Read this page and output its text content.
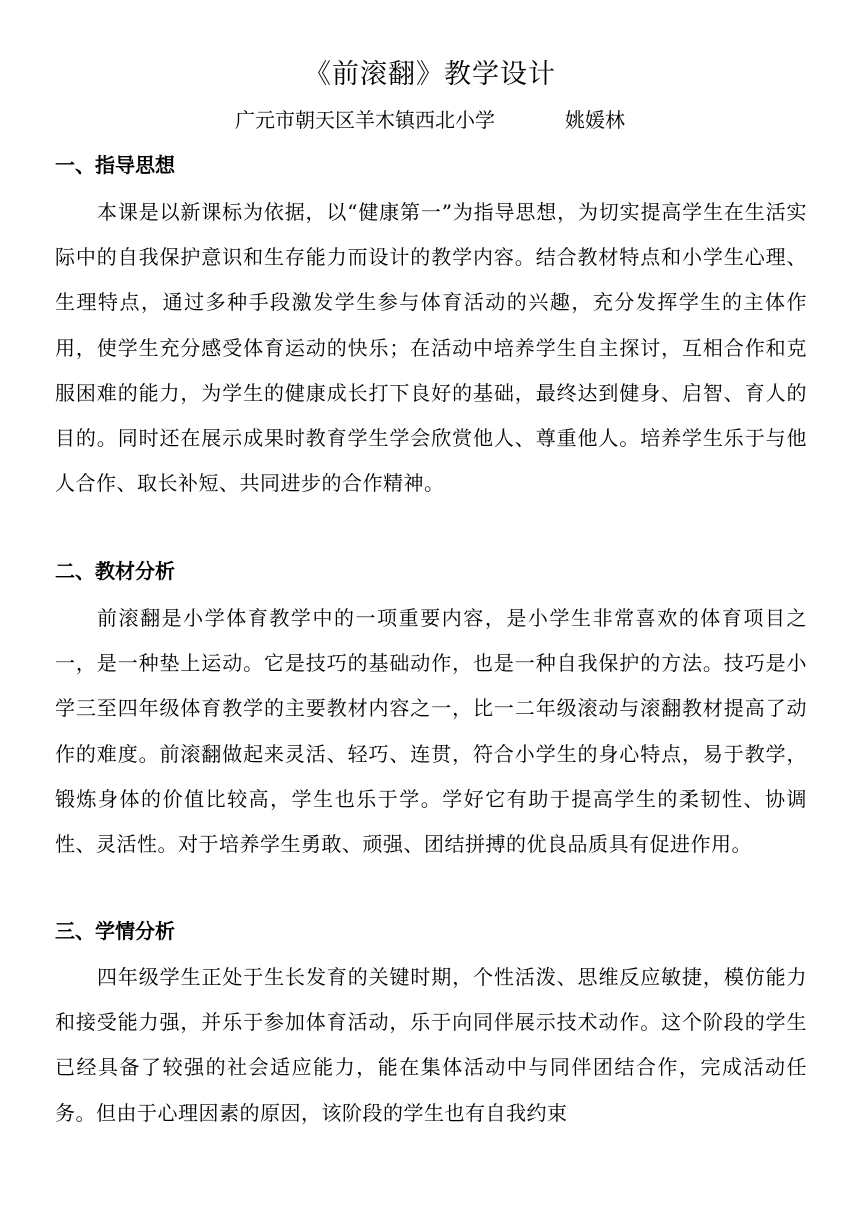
《前滚翻》教学设计
广元市朝天区羊木镇西北小学	姚媛林
一、指导思想

本课是以新课标为依据，以“健康第一”为指导思想，为切实提高学生在生活实际中的自我保护意识和生存能力而设计的教学内容。结合教材特点和小学生心理、生理特点，通过多种手段激发学生参与体育活动的兴趣，充分发挥学生的主体作用，使学生充分感受体育运动的快乐；在活动中培养学生自主探讨，互相合作和克服困难的能力，为学生的健康成长打下良好的基础，最终达到健身、启智、育人的目的。同时还在展示成果时教育学生学会欣赏他人、尊重他人。培养学生乐于与他人合作、取长补短、共同进步的合作精神。

二、教材分析

前滚翻是小学体育教学中的一项重要内容，是小学生非常喜欢的体育项目之一，是一种垫上运动。它是技巧的基础动作，也是一种自我保护的方法。技巧是小学三至四年级体育教学的主要教材内容之一，比一二年级滚动与滚翻教材提高了动作的难度。前滚翻做起来灵活、轻巧、连贯，符合小学生的身心特点，易于教学，锻炼身体的价值比较高，学生也乐于学。学好它有助于提高学生的柔韧性、协调性、灵活性。对于培养学生勇敢、顽强、团结拼搏的优良品质具有促进作用。

三、学情分析

四年级学生正处于生长发育的关键时期，个性活泼、思维反应敏捷，模仿能力和接受能力强，并乐于参加体育活动，乐于向同伴展示技术动作。这个阶段的学生已经具备了较强的社会适应能力，能在集体活动中与同伴团结合作，完成活动任务。但由于心理因素的原因，该阶段的学生也有自我约束
